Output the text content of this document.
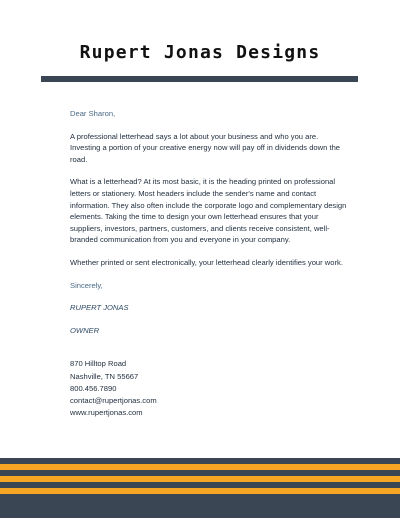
Rupert Jonas Designs

Dear Sharon,

A professional letterhead says a lot about your business and who you are. Investing a portion of your creative energy now will pay off in dividends down the road.

What is a letterhead? At its most basic, it is the heading printed on professional letters or stationery. Most headers include the sender's name and contact information. They also often include the corporate logo and complementary design elements. Taking the time to design your own letterhead ensures that your suppliers, investors, partners, customers, and clients receive consistent, well-branded communication from you and everyone in your company.

Whether printed or sent electronically, your letterhead clearly identifies your work.

Sincerely,

RUPERT JONAS

OWNER

870 Hilltop Road
Nashville, TN 55667
800.456.7890
contact@rupertjonas.com
www.rupertjonas.com
